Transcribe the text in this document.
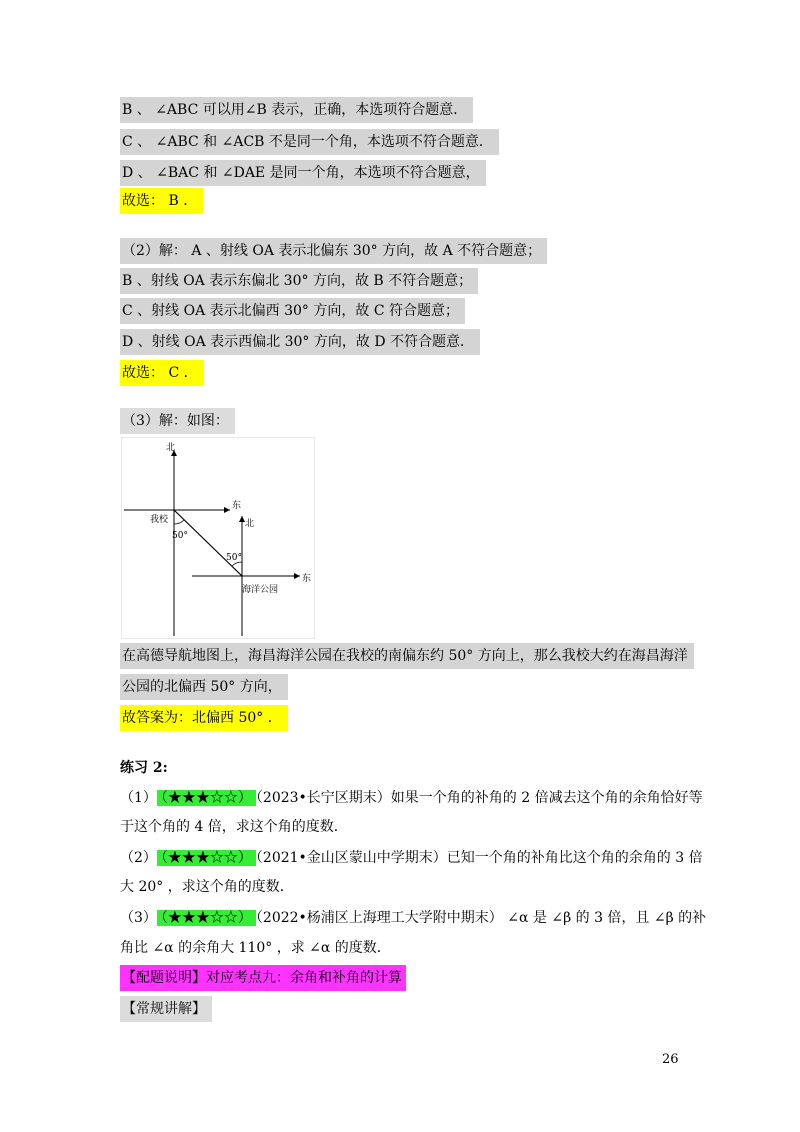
B 、 ∠ABC 可以用∠B 表示，正确，本选项符合题意．
C 、 ∠ABC 和 ∠ACB 不是同一个角，本选项不符合题意．
D 、 ∠BAC 和 ∠DAE 是同一个角，本选项不符合题意，
故选： B ．
（2）解： A 、射线 OA 表示北偏东 30° 方向，故 A 不符合题意；
B 、射线 OA 表示东偏北 30° 方向，故 B 不符合题意；
C 、射线 OA 表示北偏西 30° 方向，故 C 符合题意；
D 、射线 OA 表示西偏北 30° 方向，故 D 不符合题意．
故选： C ．
（3）解：如图：
北
东
我校
50°
北
50°
东
海洋公园
在高德导航地图上，海昌海洋公园在我校的南偏东约 50° 方向上，那么我校大约在海昌海洋
公园的北偏西 50° 方向，
故答案为：北偏西 50° ．
练习 2:
（1） （★★★☆☆） （2023•长宁区期末）如果一个角的补角的 2 倍减去这个角的余角恰好等
于这个角的 4 倍，求这个角的度数．
（2） （★★★☆☆） （2021•金山区蒙山中学期末）已知一个角的补角比这个角的余角的 3 倍
大 20° ，求这个角的度数．
（3） （★★★☆☆） （2022•杨浦区上海理工大学附中期末） ∠α 是 ∠β 的 3 倍，且 ∠β 的补
角比 ∠α 的余角大 110° ，求 ∠α 的度数．
【配题说明】对应考点九：余角和补角的计算
【常规讲解】
26
